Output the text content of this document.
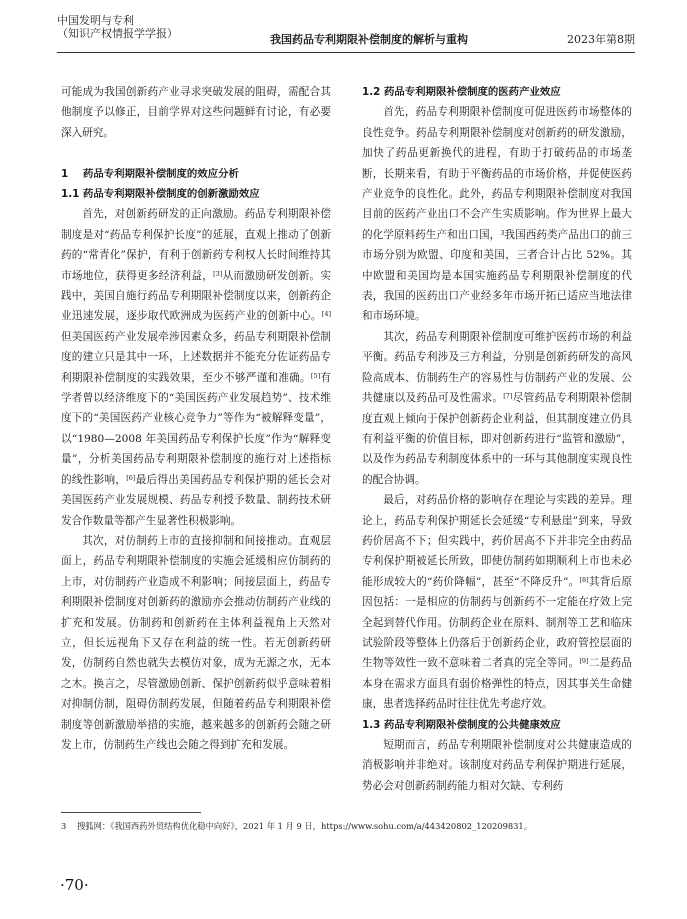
中国发明与专利
（知识产权情报学学报）	我国药品专利期限补偿制度的解析与重构	2023年第8期

可能成为我国创新药产业寻求突破发展的阻碍，需配合其他制度予以修正，目前学界对这些问题鲜有讨论，有必要深入研究。

1 药品专利期限补偿制度的效应分析
1.1 药品专利期限补偿制度的创新激励效应

首先，对创新药研发的正向激励。药品专利期限补偿制度是对“药品专利保护长度”的延展，直观上推动了创新药的“常青化”保护，有利于创新药专利权人长时间维持其市场地位，获得更多经济利益，[3]从而激励研发创新。实践中，美国自施行药品专利期限补偿制度以来，创新药企业迅速发展，逐步取代欧洲成为医药产业的创新中心。[4]但美国医药产业发展牵涉因素众多，药品专利期限补偿制度的建立只是其中一环，上述数据并不能充分佐证药品专利期限补偿制度的实践效果，至少不够严谨和准确。[5]有学者曾以经济维度下的“美国医药产业发展趋势”、技术维度下的“美国医药产业核心竞争力”等作为“被解释变量”，以“1980—2008 年美国药品专利保护长度”作为“解释变量”，分析美国药品专利期限补偿制度的施行对上述指标的线性影响，[6]最后得出美国药品专利保护期的延长会对美国医药产业发展规模、药品专利授予数量、制药技术研发合作数量等都产生显著性积极影响。

其次，对仿制药上市的直接抑制和间接推动。直观层面上，药品专利期限补偿制度的实施会延缓相应仿制药的上市，对仿制药产业造成不利影响；间接层面上，药品专利期限补偿制度对创新药的激励亦会推动仿制药产业线的扩充和发展。仿制药和创新药在主体利益视角上天然对立，但长远视角下又存在利益的统一性。若无创新药研发，仿制药自然也就失去模仿对象，成为无源之水，无本之木。换言之，尽管激励创新、保护创新药似乎意味着相对抑制仿制，阻碍仿制药发展，但随着药品专利期限补偿制度等创新激励举措的实施，越来越多的创新药会随之研发上市，仿制药生产线也会随之得到扩充和发展。

1.2 药品专利期限补偿制度的医药产业效应

首先，药品专利期限补偿制度可促进医药市场整体的良性竞争。药品专利期限补偿制度对创新药的研发激励，加快了药品更新换代的进程，有助于打破药品的市场垄断，长期来看，有助于平衡药品的市场价格，并促使医药产业竞争的良性化。此外，药品专利期限补偿制度对我国目前的医药产业出口不会产生实质影响。作为世界上最大的化学原料药生产和出口国，$^3$我国西药类产品出口的前三市场分别为欧盟、印度和美国，三者合计占比 52%。其中欧盟和美国均是本国实施药品专利期限补偿制度的代表，我国的医药出口产业经多年市场开拓已适应当地法律和市场环境。

其次，药品专利期限补偿制度可维护医药市场的利益平衡。药品专利涉及三方利益，分别是创新药研发的高风险高成本、仿制药生产的容易性与仿制药产业的发展、公共健康以及药品可及性需求。[7]尽管药品专利期限补偿制度直观上倾向于保护创新药企业利益，但其制度建立仍具有利益平衡的价值目标，即对创新药进行“监管和激励”，以及作为药品专利制度体系中的一环与其他制度实现良性的配合协调。

最后，对药品价格的影响存在理论与实践的差异。理论上，药品专利保护期延长会延缓“专利悬崖”到来，导致药价居高不下；但实践中，药价居高不下并非完全由药品专利保护期被延长所致，即使仿制药如期顺利上市也未必能形成较大的“药价降幅”，甚至“不降反升”。[8]其背后原因包括：一是相应的仿制药与创新药不一定能在疗效上完全起到替代作用。仿制药企业在原料、制剂等工艺和临床试验阶段等整体上仍落后于创新药企业，政府管控层面的生物等效性一致不意味着二者真的完全等同。[9]二是药品本身在需求方面具有弱价格弹性的特点，因其事关生命健康，患者选择药品时往往优先考虑疗效。

1.3 药品专利期限补偿制度的公共健康效应

短期而言，药品专利期限补偿制度对公共健康造成的消极影响并非绝对。该制度对药品专利保护期进行延展，势必会对创新药制药能力相对欠缺、专利药

3 搜狐网：《我国西药外贸结构优化稳中向好》，2021 年 1 月 9 日，https://www.sohu.com/a/443420802_120209831。
·70·
